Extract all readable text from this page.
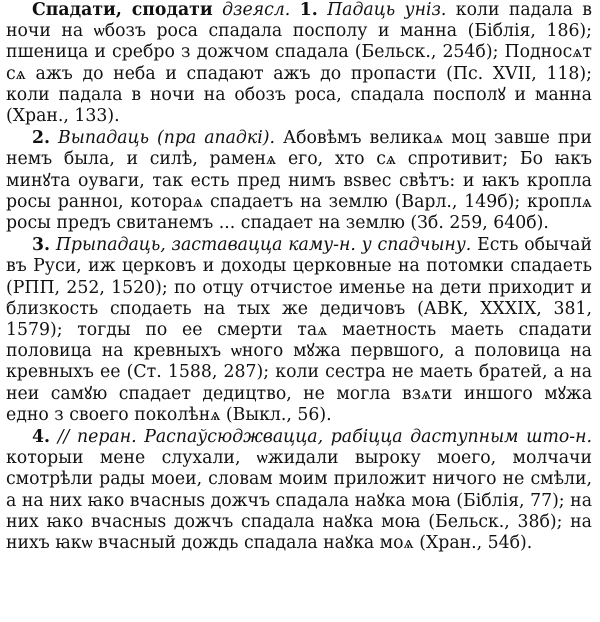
Спадати, сподати дзеясл. 1. Падаць уніз. коли падала в ночи на ѡбозъ роса спадала посполу и манна (Біблія, 186); пшеница и сребро з дожчом спадала (Бельск., 254б); Подносѧт сѧ ажъ до неба и спадают ажъ до пропасти (Пс. XVII, 118); коли падала в ночи на обозъ роса, спадала посполꙋ и манна (Хран., 133).

2. Выпадаць (пра ападкі). Абовѣмъ великаѧ моц завше при немъ была, и силѣ, раменѧ его, хто сѧ спротивит; Бо ꙗкъ минꙋта оуваги, так есть пред нимъ вѕвес свѣтъ: и ꙗкъ кропла росы ранноı, котораѧ спадаетъ на землю (Варл., 149б); кроплѧ росы предъ свитанемъ ... спадает на землю (Зб. 259, 640б).

3. Прыпадаць, заставацца каму-н. у спадчыну. Есть обычай въ Руси, иж церковъ и доходы церковные на потомки спадаеть (РПП, 252, 1520); по отцу отчистое именье на дети приходит и близкость сподаеть на тых же дедичовъ (АВК, XXXIX, 381, 1579); тогды по ее смерти таѧ маетность маеть спадати половица на кревныхъ ѡного мꙋжа первшого, а половица на кревныхъ ее (Ст. 1588, 287); коли сестра не маеть братей, а на неи самꙋю спадает дедицтво, не могла взѧти иншого мꙋжа едно з своего поколѣнѧ (Выкл., 56).

4. // перан. Распаўсюджвацца, рабіцца даступным што-н. которыи мене слухали, ѡжидали выроку моего, молчачи смотрѣли рады моеи, словам моим приложит ничого не смѣли, а на них ꙗко вчасныѕ дожчъ спадала наꙋка моꙗ (Біблія, 77); на них ꙗко вчасныѕ дожчъ спадала наꙋка моꙗ (Бельск., 38б); на нихъ ꙗкѡ вчасный дождь спадала наꙋка моѧ (Хран., 54б).
